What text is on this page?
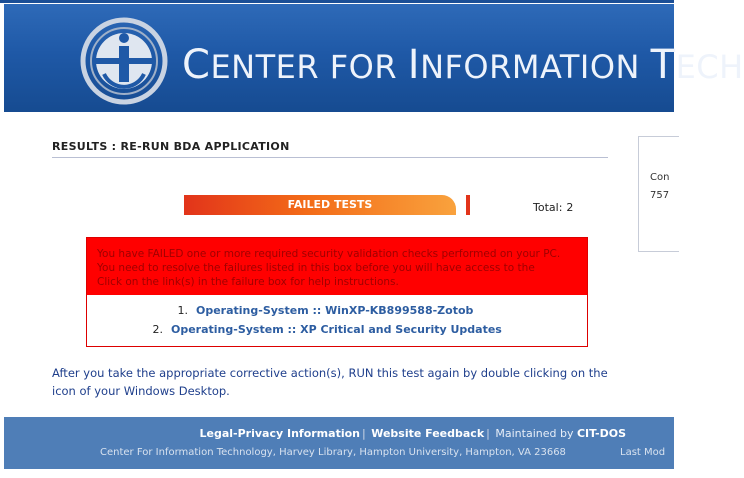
CENTER FOR INFORMATION TECH
RESULTS : RE-RUN BDA APPLICATION
Con
757
FAILED TESTS	Total: 2
You have FAILED one or more required security validation checks performed on your PC.
You need to resolve the failures listed in this box before you will have access to the
Click on the link(s) in the failure box for help instructions.
1. Operating-System :: WinXP-KB899588-Zotob
2. Operating-System :: XP Critical and Security Updates
After you take the appropriate corrective action(s), RUN this test again by double clicking on the icon of your Windows Desktop.
Legal-Privacy Information | Website Feedback | Maintained by CIT-DOS
Center For Information Technology, Harvey Library, Hampton University, Hampton, VA 23668	Last Mod
